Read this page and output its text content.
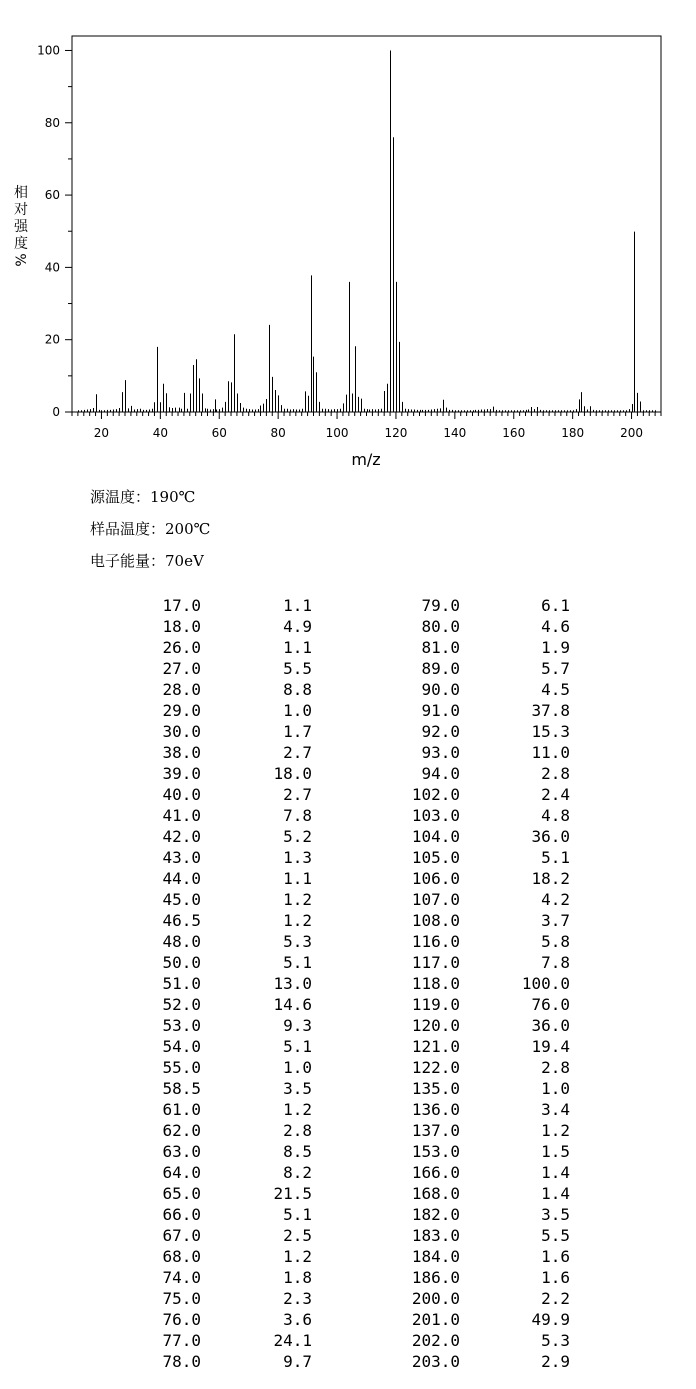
相
对
强
度
%
m/z
20	40	60	80	100	120	140	160	180	200
0
20
40
60
80
100
源温度：190℃
样品温度：200℃
电子能量：70eV
17.0	1.1	79.0	6.1
18.0	4.9	80.0	4.6
26.0	1.1	81.0	1.9
27.0	5.5	89.0	5.7
28.0	8.8	90.0	4.5
29.0	1.0	91.0	37.8
30.0	1.7	92.0	15.3
38.0	2.7	93.0	11.0
39.0	18.0	94.0	2.8
40.0	2.7	102.0	2.4
41.0	7.8	103.0	4.8
42.0	5.2	104.0	36.0
43.0	1.3	105.0	5.1
44.0	1.1	106.0	18.2
45.0	1.2	107.0	4.2
46.5	1.2	108.0	3.7
48.0	5.3	116.0	5.8
50.0	5.1	117.0	7.8
51.0	13.0	118.0	100.0
52.0	14.6	119.0	76.0
53.0	9.3	120.0	36.0
54.0	5.1	121.0	19.4
55.0	1.0	122.0	2.8
58.5	3.5	135.0	1.0
61.0	1.2	136.0	3.4
62.0	2.8	137.0	1.2
63.0	8.5	153.0	1.5
64.0	8.2	166.0	1.4
65.0	21.5	168.0	1.4
66.0	5.1	182.0	3.5
67.0	2.5	183.0	5.5
68.0	1.2	184.0	1.6
74.0	1.8	186.0	1.6
75.0	2.3	200.0	2.2
76.0	3.6	201.0	49.9
77.0	24.1	202.0	5.3
78.0	9.7	203.0	2.9
